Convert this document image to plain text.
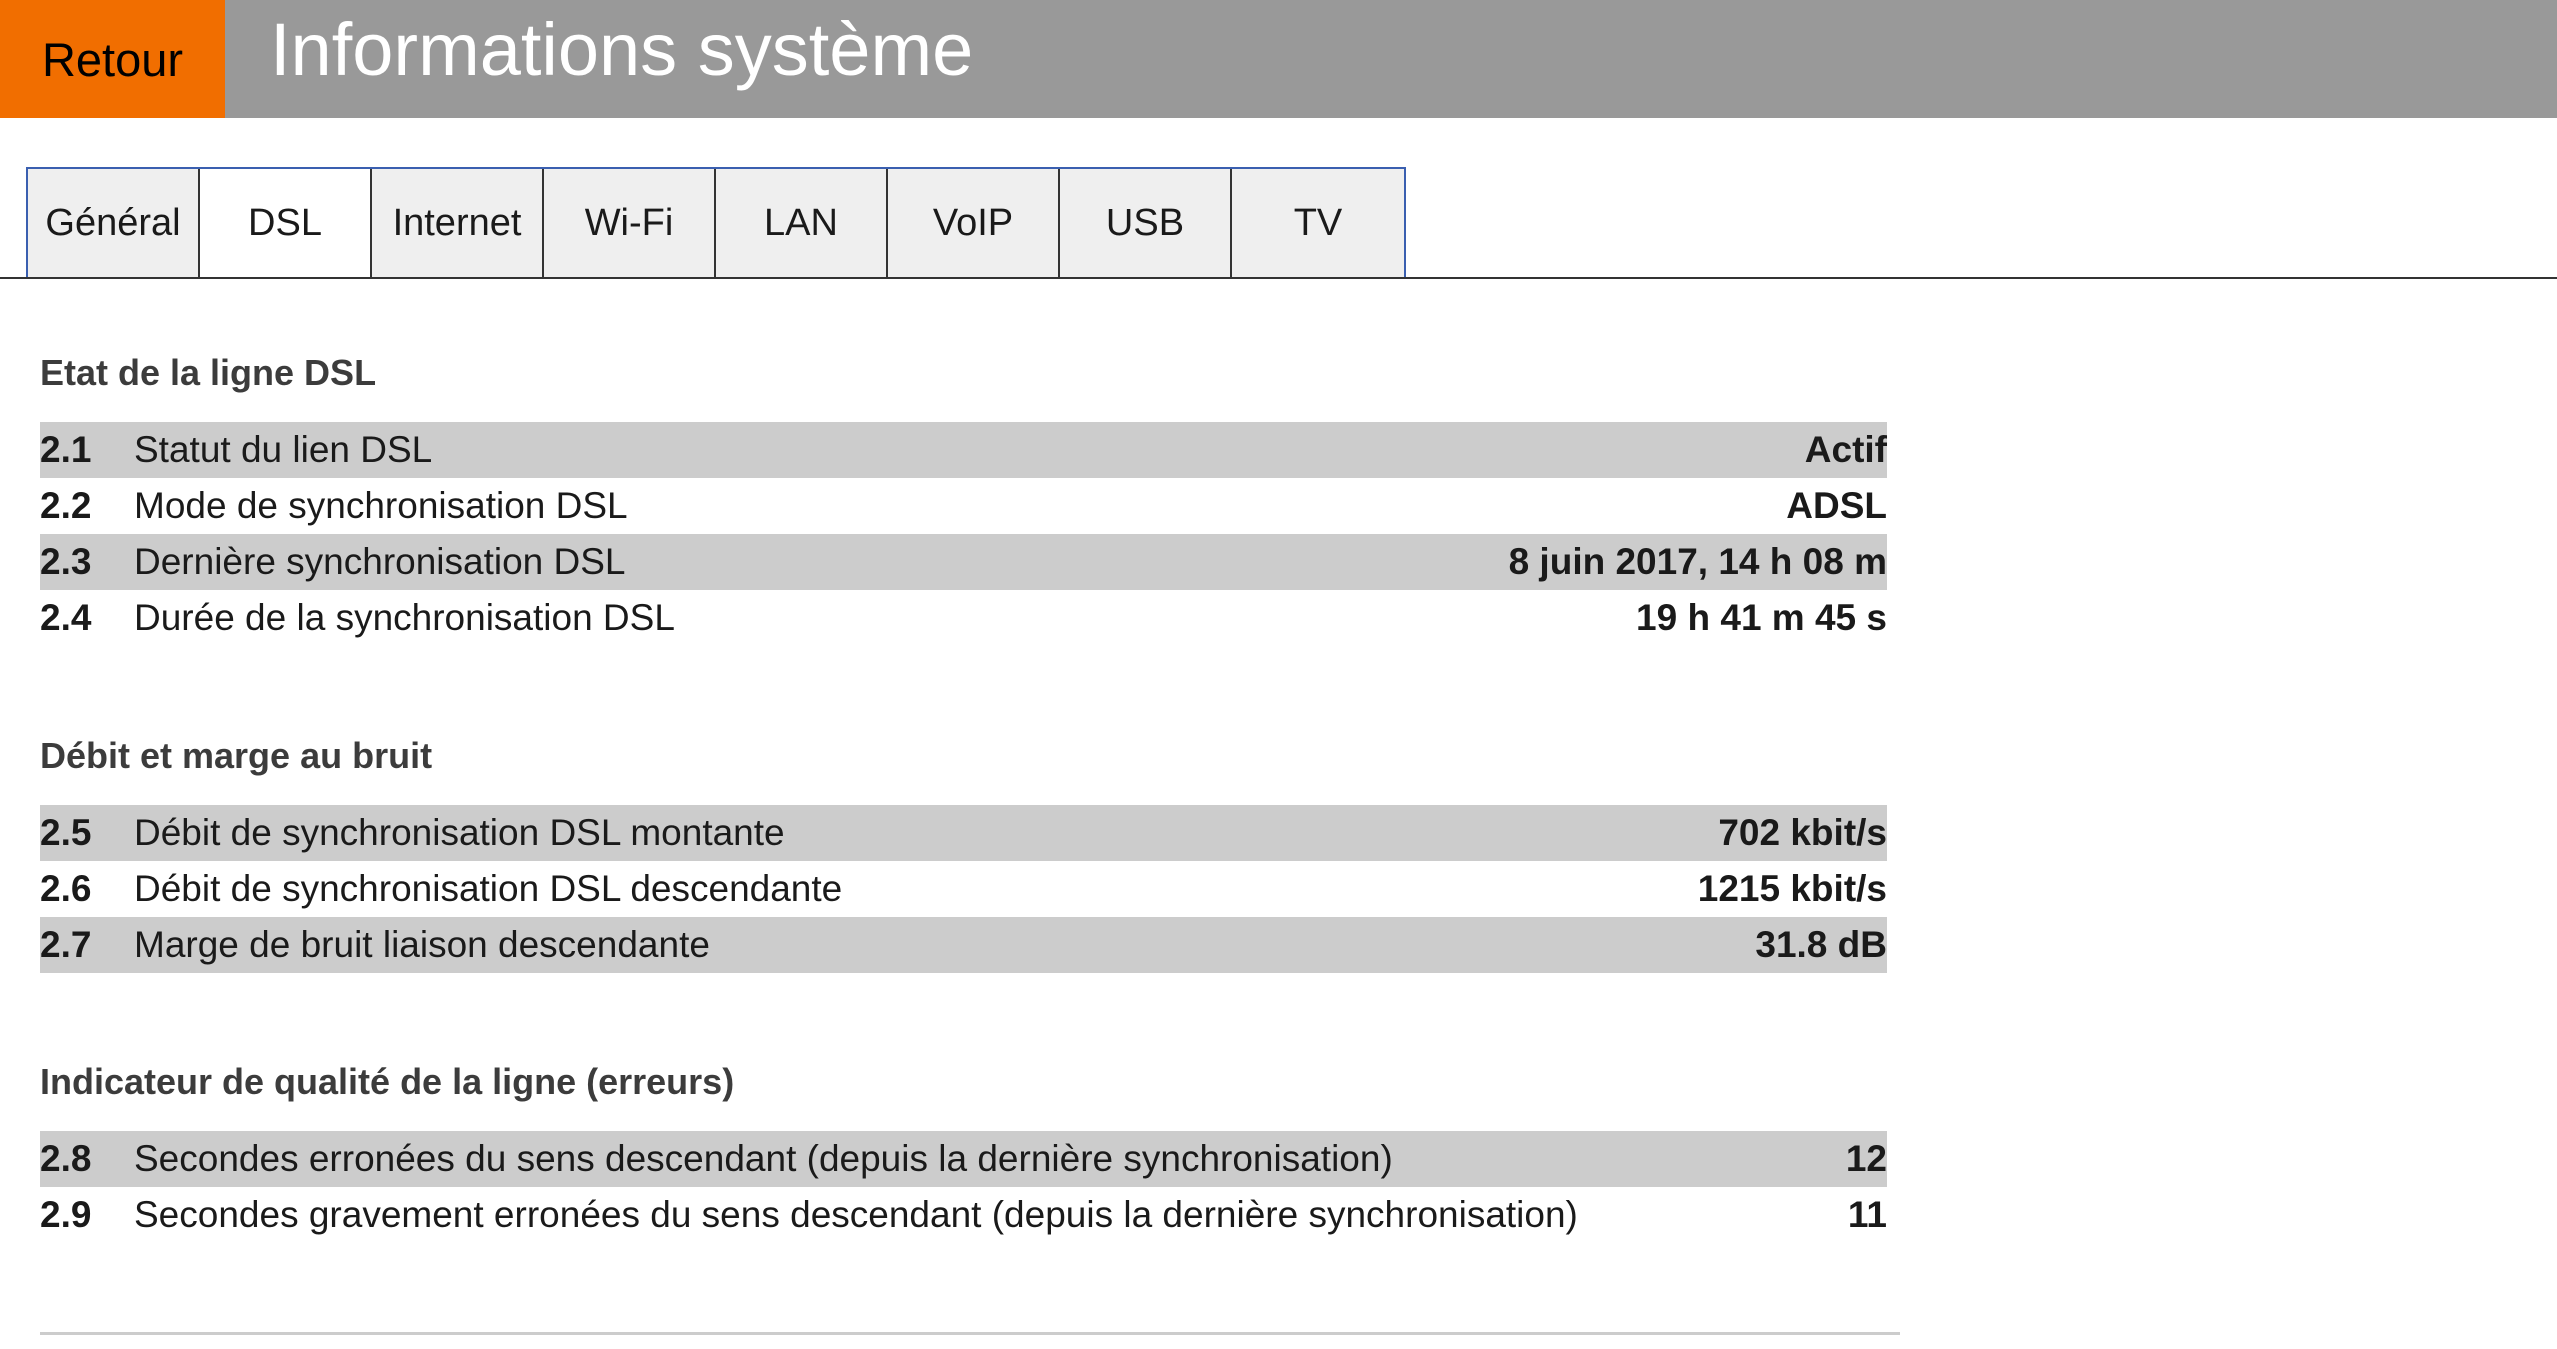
Retour	Informations système
Général	DSL	Internet	Wi-Fi	LAN	VoIP	USB	TV
Etat de la ligne DSL
2.1	Statut du lien DSL	Actif
2.2	Mode de synchronisation DSL	ADSL
2.3	Dernière synchronisation DSL	8 juin 2017, 14 h 08 m
2.4	Durée de la synchronisation DSL	19 h 41 m 45 s
Débit et marge au bruit
2.5	Débit de synchronisation DSL montante	702 kbit/s
2.6	Débit de synchronisation DSL descendante	1215 kbit/s
2.7	Marge de bruit liaison descendante	31.8 dB
Indicateur de qualité de la ligne (erreurs)
2.8	Secondes erronées du sens descendant (depuis la dernière synchronisation)	12
2.9	Secondes gravement erronées du sens descendant (depuis la dernière synchronisation)	11
